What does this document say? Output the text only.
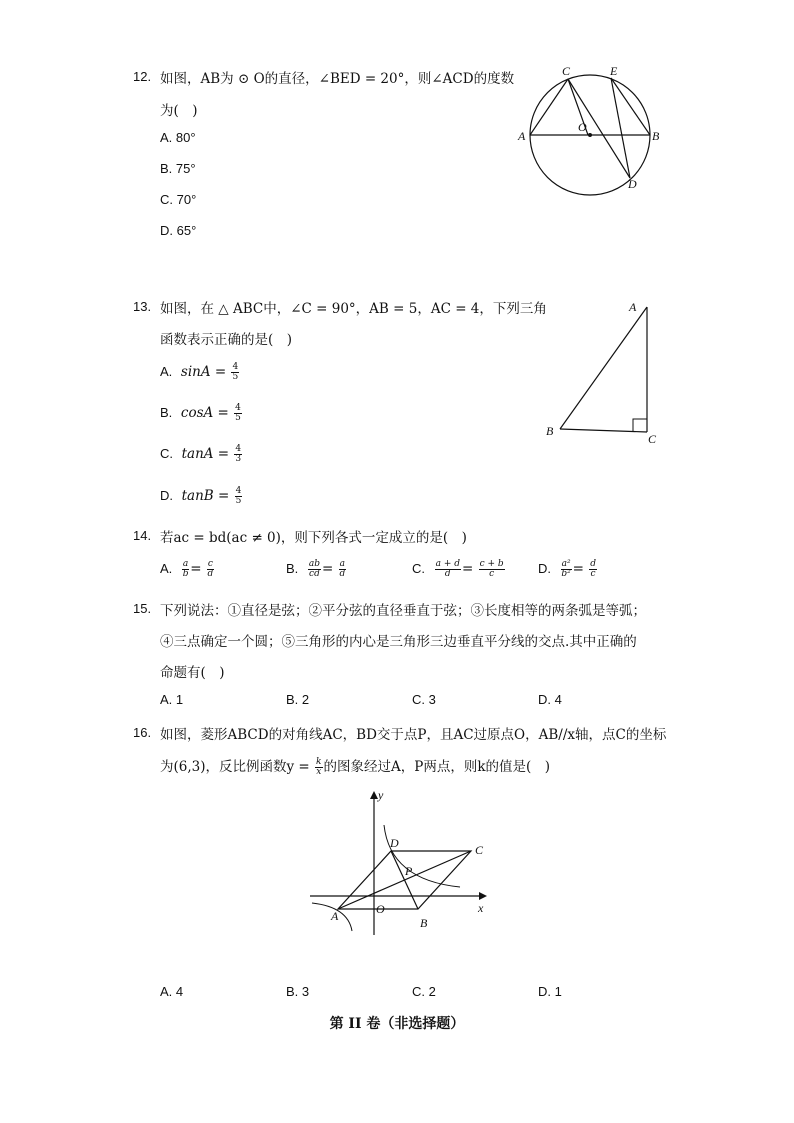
12. 如图，AB为 ⊙ O的直径，∠BED = 20°，则∠ACD的度数
为(　)
A. 80°
B. 75°
C. 70°
D. 65°
A	B
C	E
D
O
13. 如图，在 △ ABC中，∠C = 90°，AB = 5，AC = 4，下列三角
函数表示正确的是(　)
A. $\sin A = \frac{4}{5}$
B. $\cos A = \frac{4}{5}$
C. $\tan A = \frac{4}{3}$
D. $\tan B = \frac{4}{5}$
A
B
C
14. 若ac = bd(ac ≠ 0)，则下列各式一定成立的是(　)
A. $\frac{a}{b} = \frac{c}{d}$	B. $\frac{ab}{cd} = \frac{a}{d}$	C. $\frac{a + d}{d} = \frac{c + b}{c}$	D. $\frac{\text{a²}}{\text{b²}} = \frac{d}{c}$
15. 下列说法：①直径是弦；②平分弦的直径垂直于弦；③长度相等的两条弧是等弧；
④三点确定一个圆；⑤三角形的内心是三角形三边垂直平分线的交点.其中正确的
命题有(　)
A. 1	B. 2	C. 3	D. 4
16. 如图，菱形ABCD的对角线AC，BD交于点P，且AC过原点O，AB//x轴，点C的坐标
为(6,3)，反比例函数$y = \frac{k}{x}$ 的图象经过A，P两点，则k的值是(　)
y
x
D	C
P
O
A	B
A. 4	B. 3	C. 2	D. 1
第 II 卷（非选择题）
